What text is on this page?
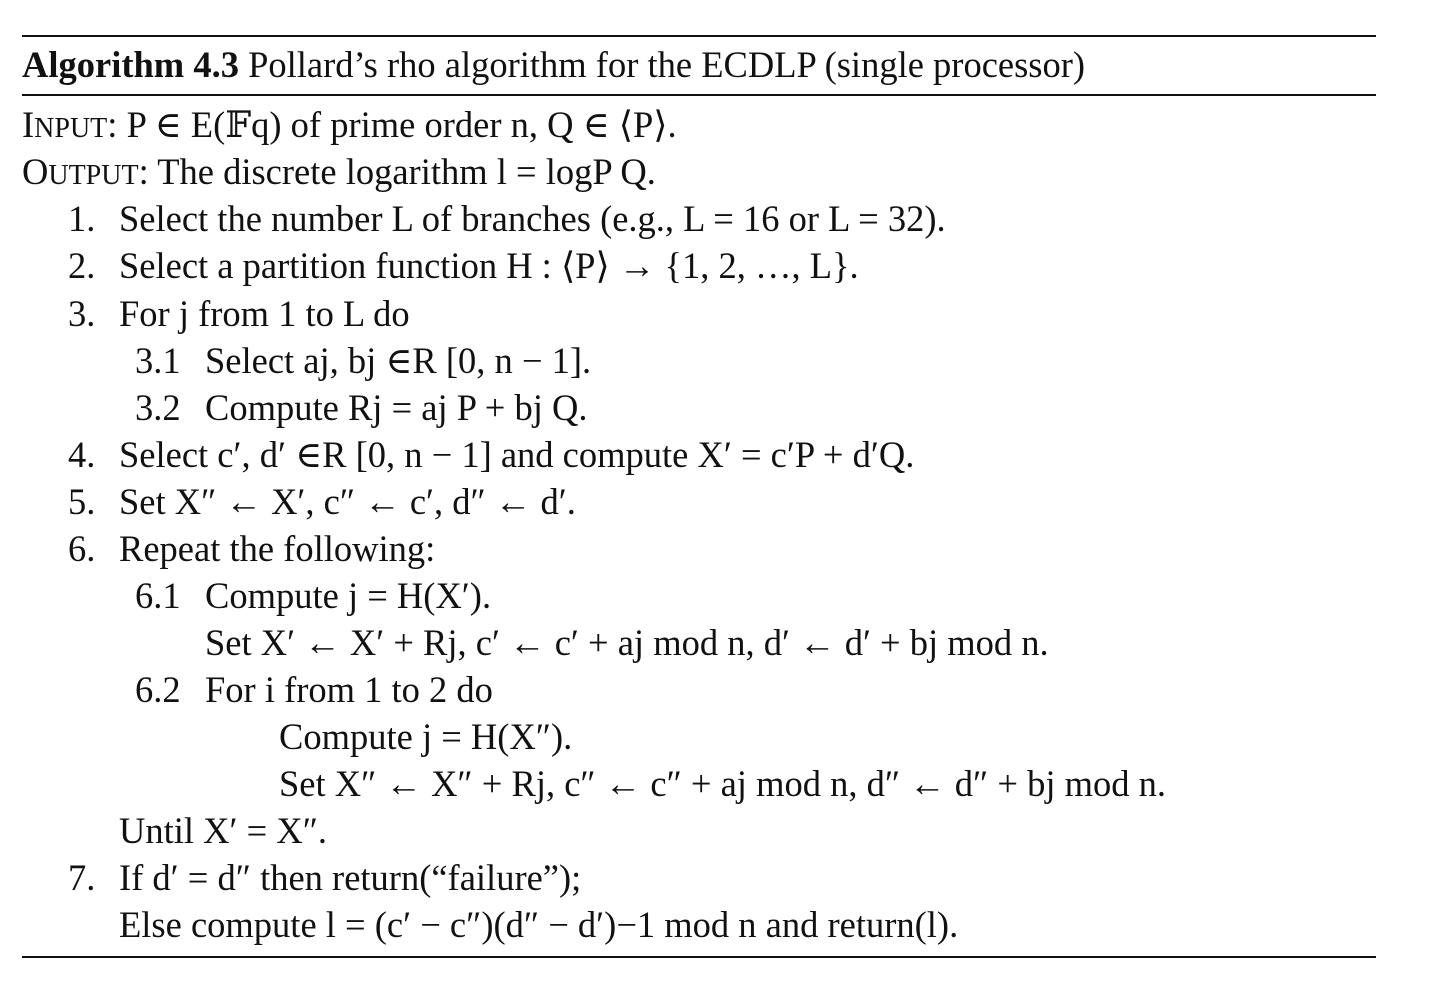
Algorithm 4.3 Pollard’s rho algorithm for the ECDLP (single processor)
INPUT: P ∈ E(𝔽q) of prime order n, Q ∈ ⟨P⟩.
OUTPUT: The discrete logarithm l = logP Q.
1. Select the number L of branches (e.g., L = 16 or L = 32).
2. Select a partition function H : ⟨P⟩ → {1, 2, …, L}.
3. For j from 1 to L do
3.1 Select aj, bj ∈R [0, n − 1].
3.2 Compute Rj = aj P + bj Q.
4. Select c′, d′ ∈R [0, n − 1] and compute X′ = c′P + d′Q.
5. Set X″ ← X′, c″ ← c′, d″ ← d′.
6. Repeat the following:
6.1 Compute j = H(X′).
Set X′ ← X′ + Rj, c′ ← c′ + aj mod n, d′ ← d′ + bj mod n.
6.2 For i from 1 to 2 do
Compute j = H(X″).
Set X″ ← X″ + Rj, c″ ← c″ + aj mod n, d″ ← d″ + bj mod n.
Until X′ = X″.
7. If d′ = d″ then return(“failure”);
Else compute l = (c′ − c″)(d″ − d′)−1 mod n and return(l).
